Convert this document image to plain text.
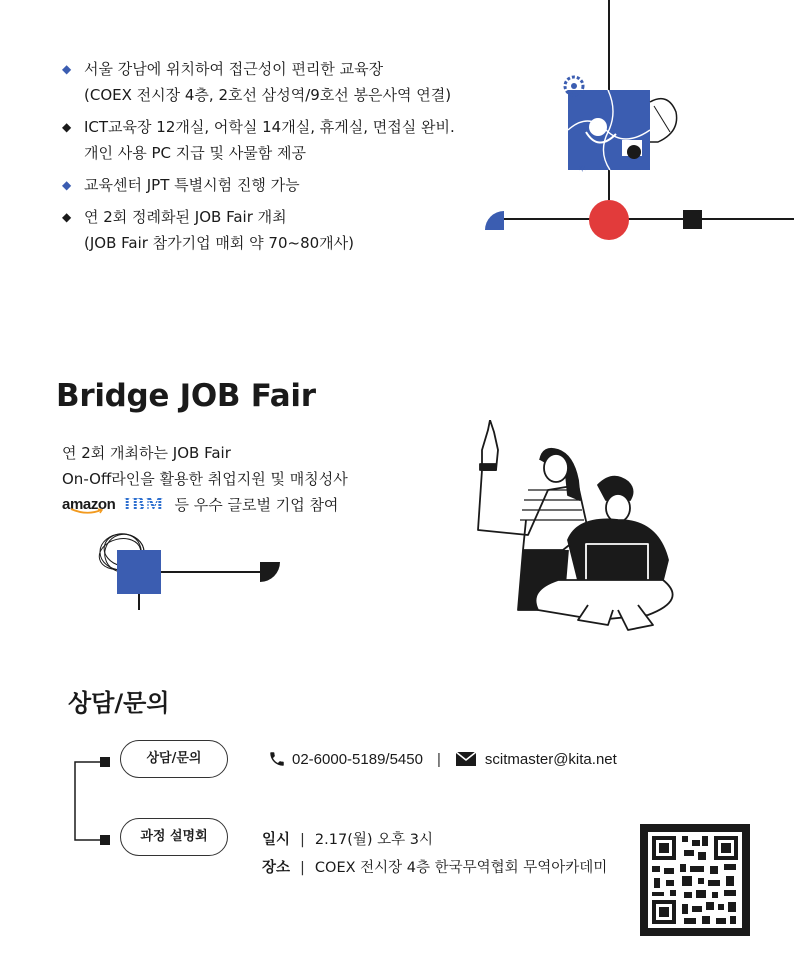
✶
◆ 서울 강남에 위치하여 접근성이 편리한 교육장
(COEX 전시장 4층, 2호선 삼성역/9호선 봉은사역 연결)
◆ ICT교육장 12개실, 어학실 14개실, 휴게실, 면접실 완비.
개인 사용 PC 지급 및 사물함 제공
◆ 교육센터 JPT 특별시험 진행 가능
◆ 연 2회 정례화된 JOB Fair 개최
(JOB Fair 참가기업 매회 약 70~80개사)
Bridge JOB Fair
연 2회 개최하는 JOB Fair
On-Off라인을 활용한 취업지원 및 매칭성사
amazon IBM 등 우수 글로벌 기업 참여
상담/문의
상담/문의
과정 설명회
02-6000-5189/5450 |	scitmaster@kita.net
일시 | 2.17(월) 오후 3시
장소 | COEX 전시장 4층 한국무역협회 무역아카데미
